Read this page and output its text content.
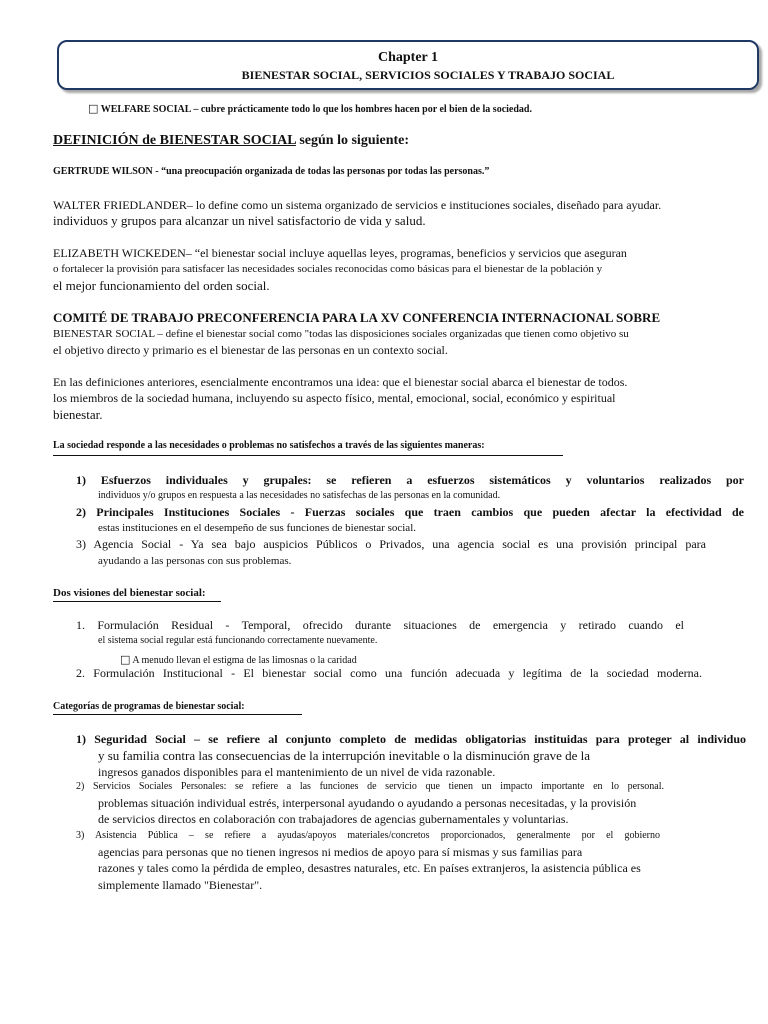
Chapter 1
BIENESTAR SOCIAL, SERVICIOS SOCIALES Y TRABAJO SOCIAL
□ WELFARE SOCIAL – cubre prácticamente todo lo que los hombres hacen por el bien de la sociedad.
DEFINICIÓN de BIENESTAR SOCIAL según lo siguiente:
GERTRUDE WILSON - “una preocupación organizada de todas las personas por todas las personas.”
WALTER FRIEDLANDER– lo define como un sistema organizado de servicios e instituciones sociales, diseñado para ayudar.
individuos y grupos para alcanzar un nivel satisfactorio de vida y salud.
ELIZABETH WICKEDEN– “el bienestar social incluye aquellas leyes, programas, beneficios y servicios que aseguran
o fortalecer la provisión para satisfacer las necesidades sociales reconocidas como básicas para el bienestar de la población y
el mejor funcionamiento del orden social.
COMITÉ DE TRABAJO PRECONFERENCIA PARA LA XV CONFERENCIA INTERNACIONAL SOBRE
BIENESTAR SOCIAL – define el bienestar social como "todas las disposiciones sociales organizadas que tienen como objetivo su
el objetivo directo y primario es el bienestar de las personas en un contexto social.
En las definiciones anteriores, esencialmente encontramos una idea: que el bienestar social abarca el bienestar de todos.
los miembros de la sociedad humana, incluyendo su aspecto físico, mental, emocional, social, económico y espiritual
bienestar.
La sociedad responde a las necesidades o problemas no satisfechos a través de las siguientes maneras:
1) Esfuerzos individuales y grupales: se refieren a esfuerzos sistemáticos y voluntarios realizados por
individuos y/o grupos en respuesta a las necesidades no satisfechas de las personas en la comunidad.
2) Principales Instituciones Sociales - Fuerzas sociales que traen cambios que pueden afectar la efectividad de
estas instituciones en el desempeño de sus funciones de bienestar social.
3) Agencia Social - Ya sea bajo auspicios Públicos o Privados, una agencia social es una provisión principal para
ayudando a las personas con sus problemas.
Dos visiones del bienestar social:
1. Formulación Residual - Temporal, ofrecido durante situaciones de emergencia y retirado cuando el
el sistema social regular está funcionando correctamente nuevamente.
□ A menudo llevan el estigma de las limosnas o la caridad
2. Formulación Institucional - El bienestar social como una función adecuada y legítima de la sociedad moderna.
Categorías de programas de bienestar social:
1) Seguridad Social – se refiere al conjunto completo de medidas obligatorias instituidas para proteger al individuo
y su familia contra las consecuencias de la interrupción inevitable o la disminución grave de la
ingresos ganados disponibles para el mantenimiento de un nivel de vida razonable.
2) Servicios Sociales Personales: se refiere a las funciones de servicio que tienen un impacto importante en lo personal.
problemas situación individual estrés, interpersonal ayudando o ayudando a personas necesitadas, y la provisión
de servicios directos en colaboración con trabajadores de agencias gubernamentales y voluntarias.
3) Asistencia Pública – se refiere a ayudas/apoyos materiales/concretos proporcionados, generalmente por el gobierno
agencias para personas que no tienen ingresos ni medios de apoyo para sí mismas y sus familias para
razones y tales como la pérdida de empleo, desastres naturales, etc. En países extranjeros, la asistencia pública es
simplemente llamado "Bienestar".
